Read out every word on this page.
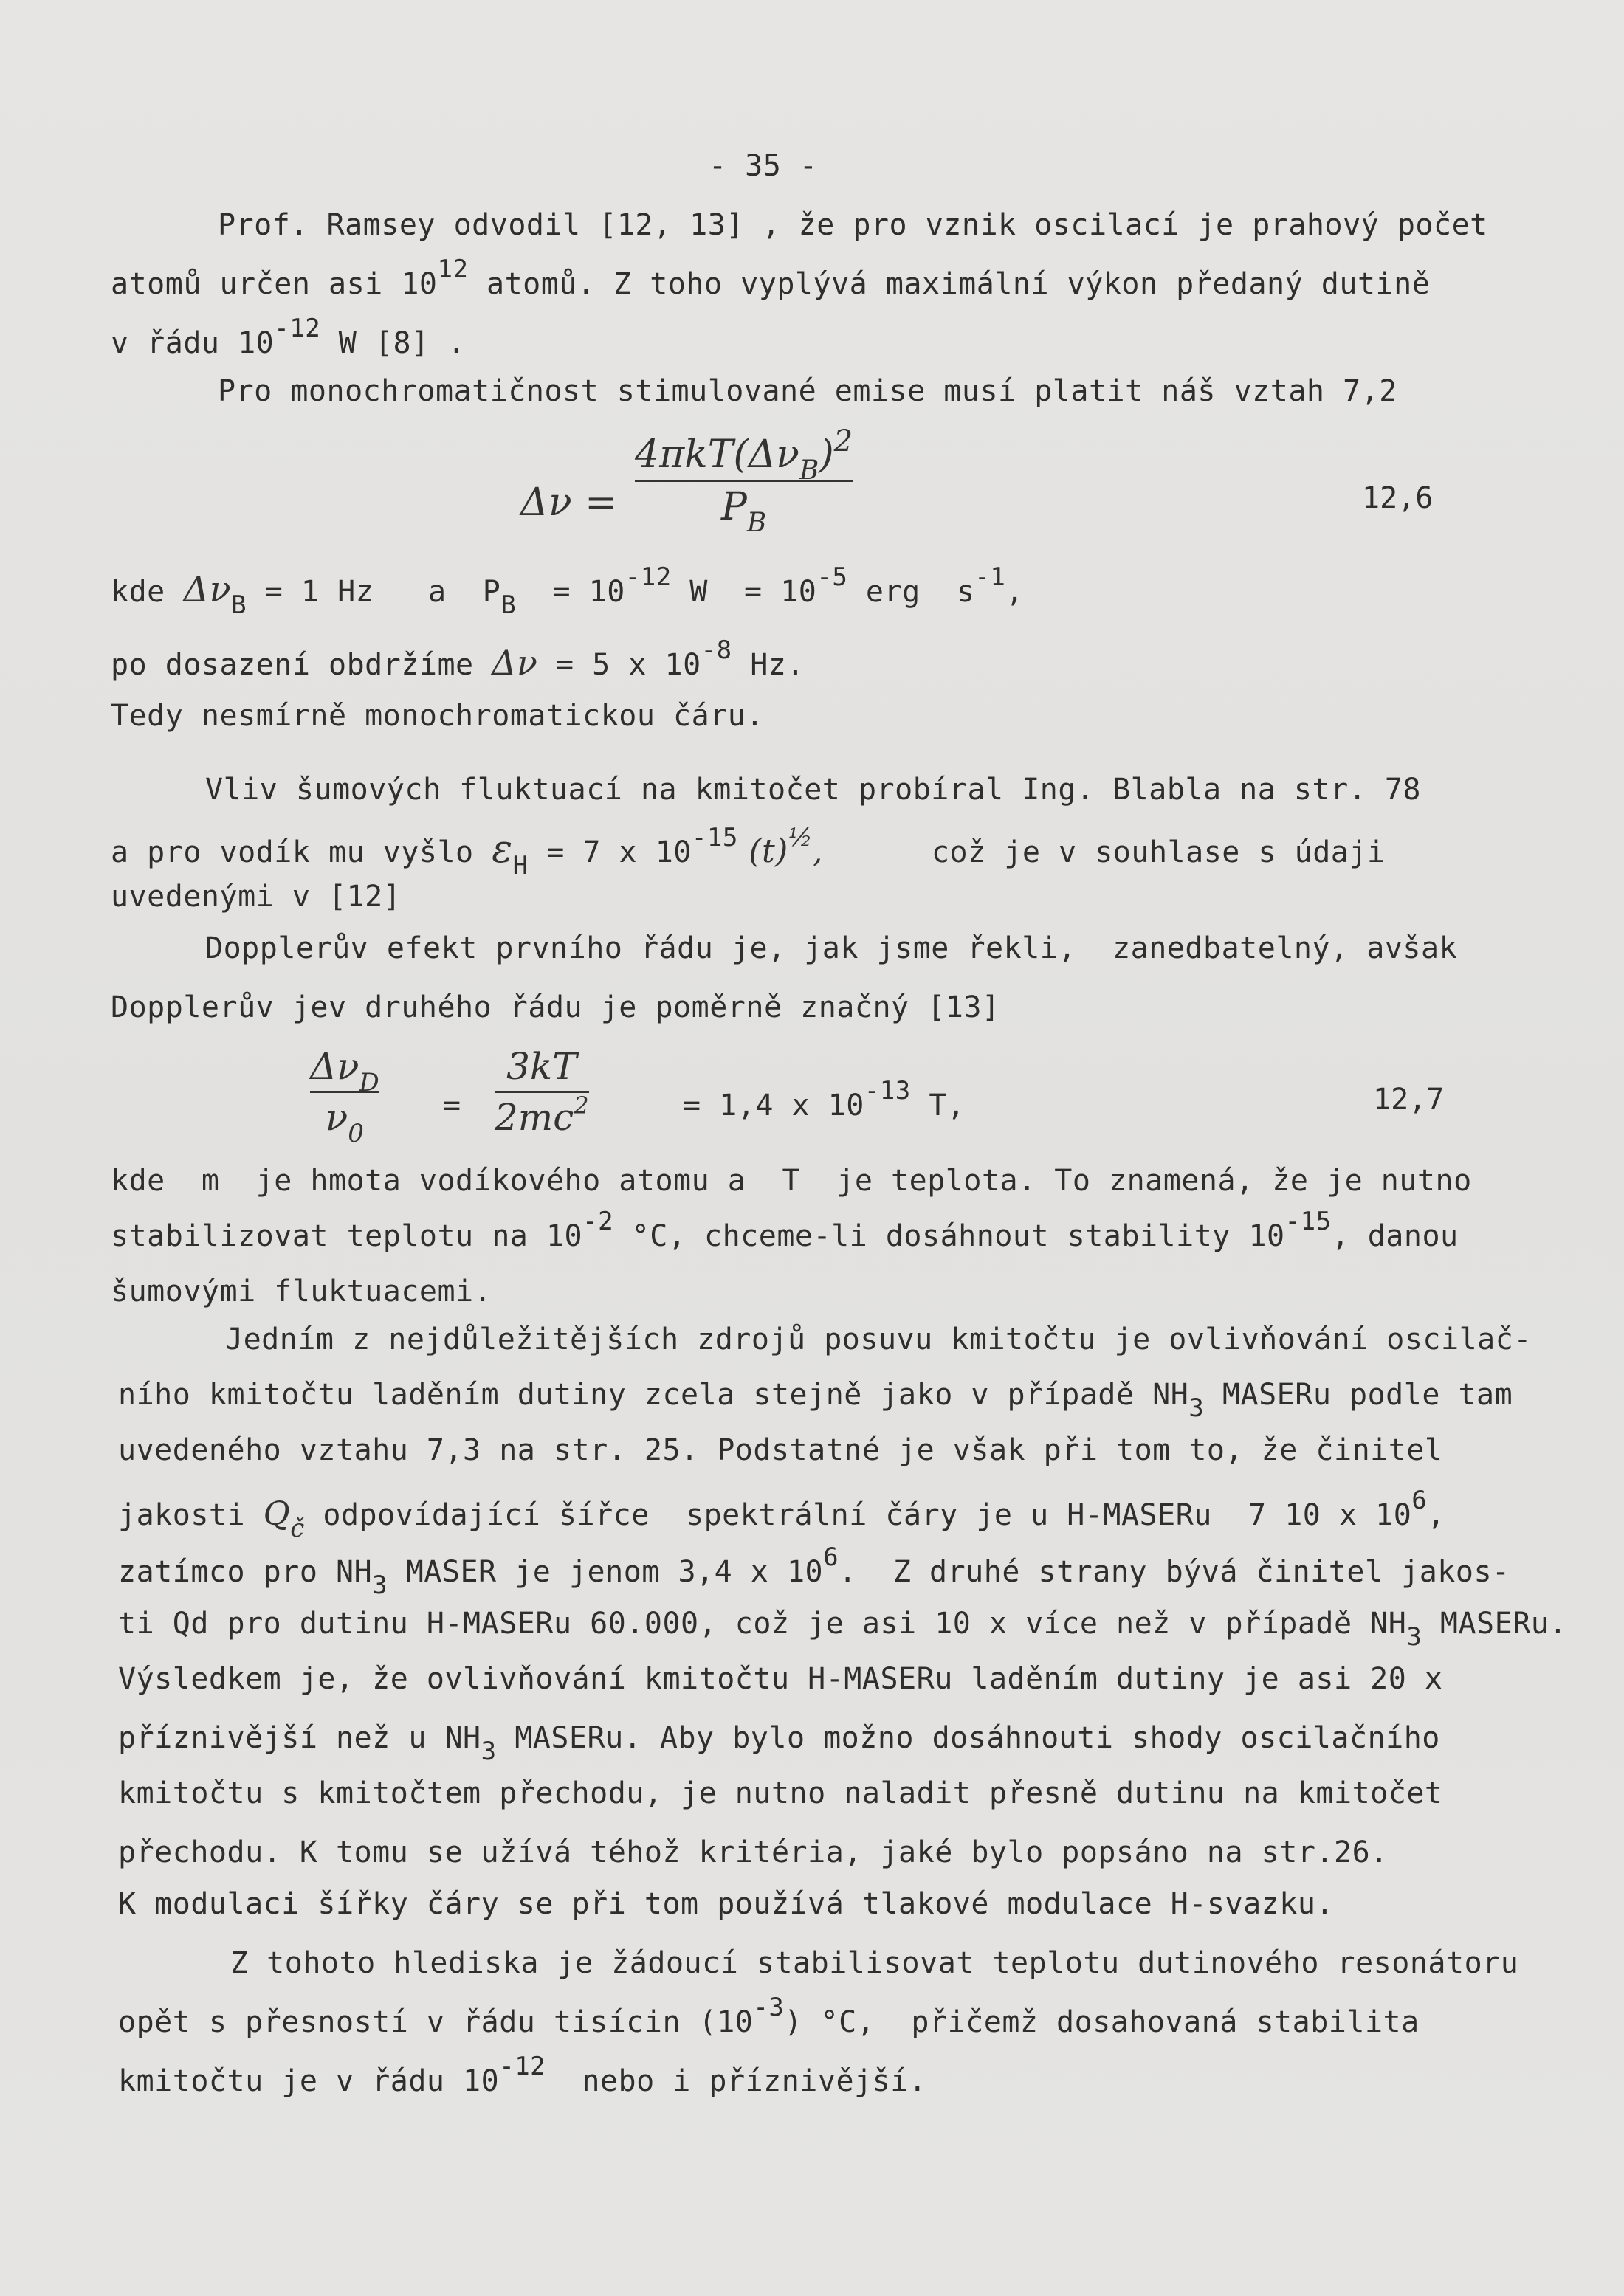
- 35 -
Prof. Ramsey odvodil [12, 13] , že pro vznik oscilací je prahový počet
atomů určen asi $10^{12}$ atomů. Z toho vyplývá maximální výkon předaný dutině
v řádu $10^{-12}$ W [8] .
Pro monochromatičnost stimulované emise musí platit náš vztah 7,2
Δν =
$4\pi kT(\Delta\nu_B)^2$
$P_B$
12,6
kde $\Delta\nu_B = 1$ Hz   a  $P_B = 10^{-12}$ $W = 10^{-5}$ erg  $s^{-1}$,
po dosazení obdržíme Δν = 5 x $10^{-8}$ Hz.
Tedy nesmírně monochromatickou čáru.
Vliv šumových fluktuací na kmitočet probíral Ing. Blabla na str. 78
a pro vodík mu vyšlo $\varepsilon_H = 7$ x $10^{-15}$ $(t)^{\frac{1}{2}}$,      což je v souhlase s údaji
uvedenými v [12]
Dopplerův efekt prvního řádu je, jak jsme řekli,  zanedbatelný, avšak
Dopplerův jev druhého řádu je poměrně značný [13]
$\Delta\nu_D$
$\nu_0$
=
3kT
$2mc^2$	= 1,4 x $10^{-13}$ T,	12,7
kde  m  je hmota vodíkového atomu a  T  je teplota. To znamená, že je nutno
stabilizovat teplotu na $10^{-2}$ °C, chceme-li dosáhnout stability $10^{-15}$, danou
šumovými fluktuacemi.
Jedním z nejdůležitějších zdrojů posuvu kmitočtu je ovlivňování oscilač-
ního kmitočtu laděním dutiny zcela stejně jako v případě $NH_3$ MASERu podle tam
uvedeného vztahu 7,3 na str. 25. Podstatné je však při tom to, že činitel
jakosti $Q_č$ odpovídající šířce  spektrální čáry je u H-MASERu  7 10 x $10^6$,
zatímco pro $NH_3$ MASER je jenom 3,4 x $10^6$.  Z druhé strany bývá činitel jakos-
ti Qd pro dutinu H-MASERu 60.000, což je asi 10 x více než v případě $NH_3$ MASERu.
Výsledkem je, že ovlivňování kmitočtu H-MASERu laděním dutiny je asi 20 x
příznivější než u $NH_3$ MASERu. Aby bylo možno dosáhnouti shody oscilačního
kmitočtu s kmitočtem přechodu, je nutno naladit přesně dutinu na kmitočet
přechodu. K tomu se užívá téhož kritéria, jaké bylo popsáno na str.26.
K modulaci šířky čáry se při tom používá tlakové modulace H-svazku.
Z tohoto hlediska je žádoucí stabilisovat teplotu dutinového resonátoru
opět s přesností v řádu tisícin $(10^{-3})$ °C,  přičemž dosahovaná stabilita
kmitočtu je v řádu $10^{-12}$  nebo i příznivější.
